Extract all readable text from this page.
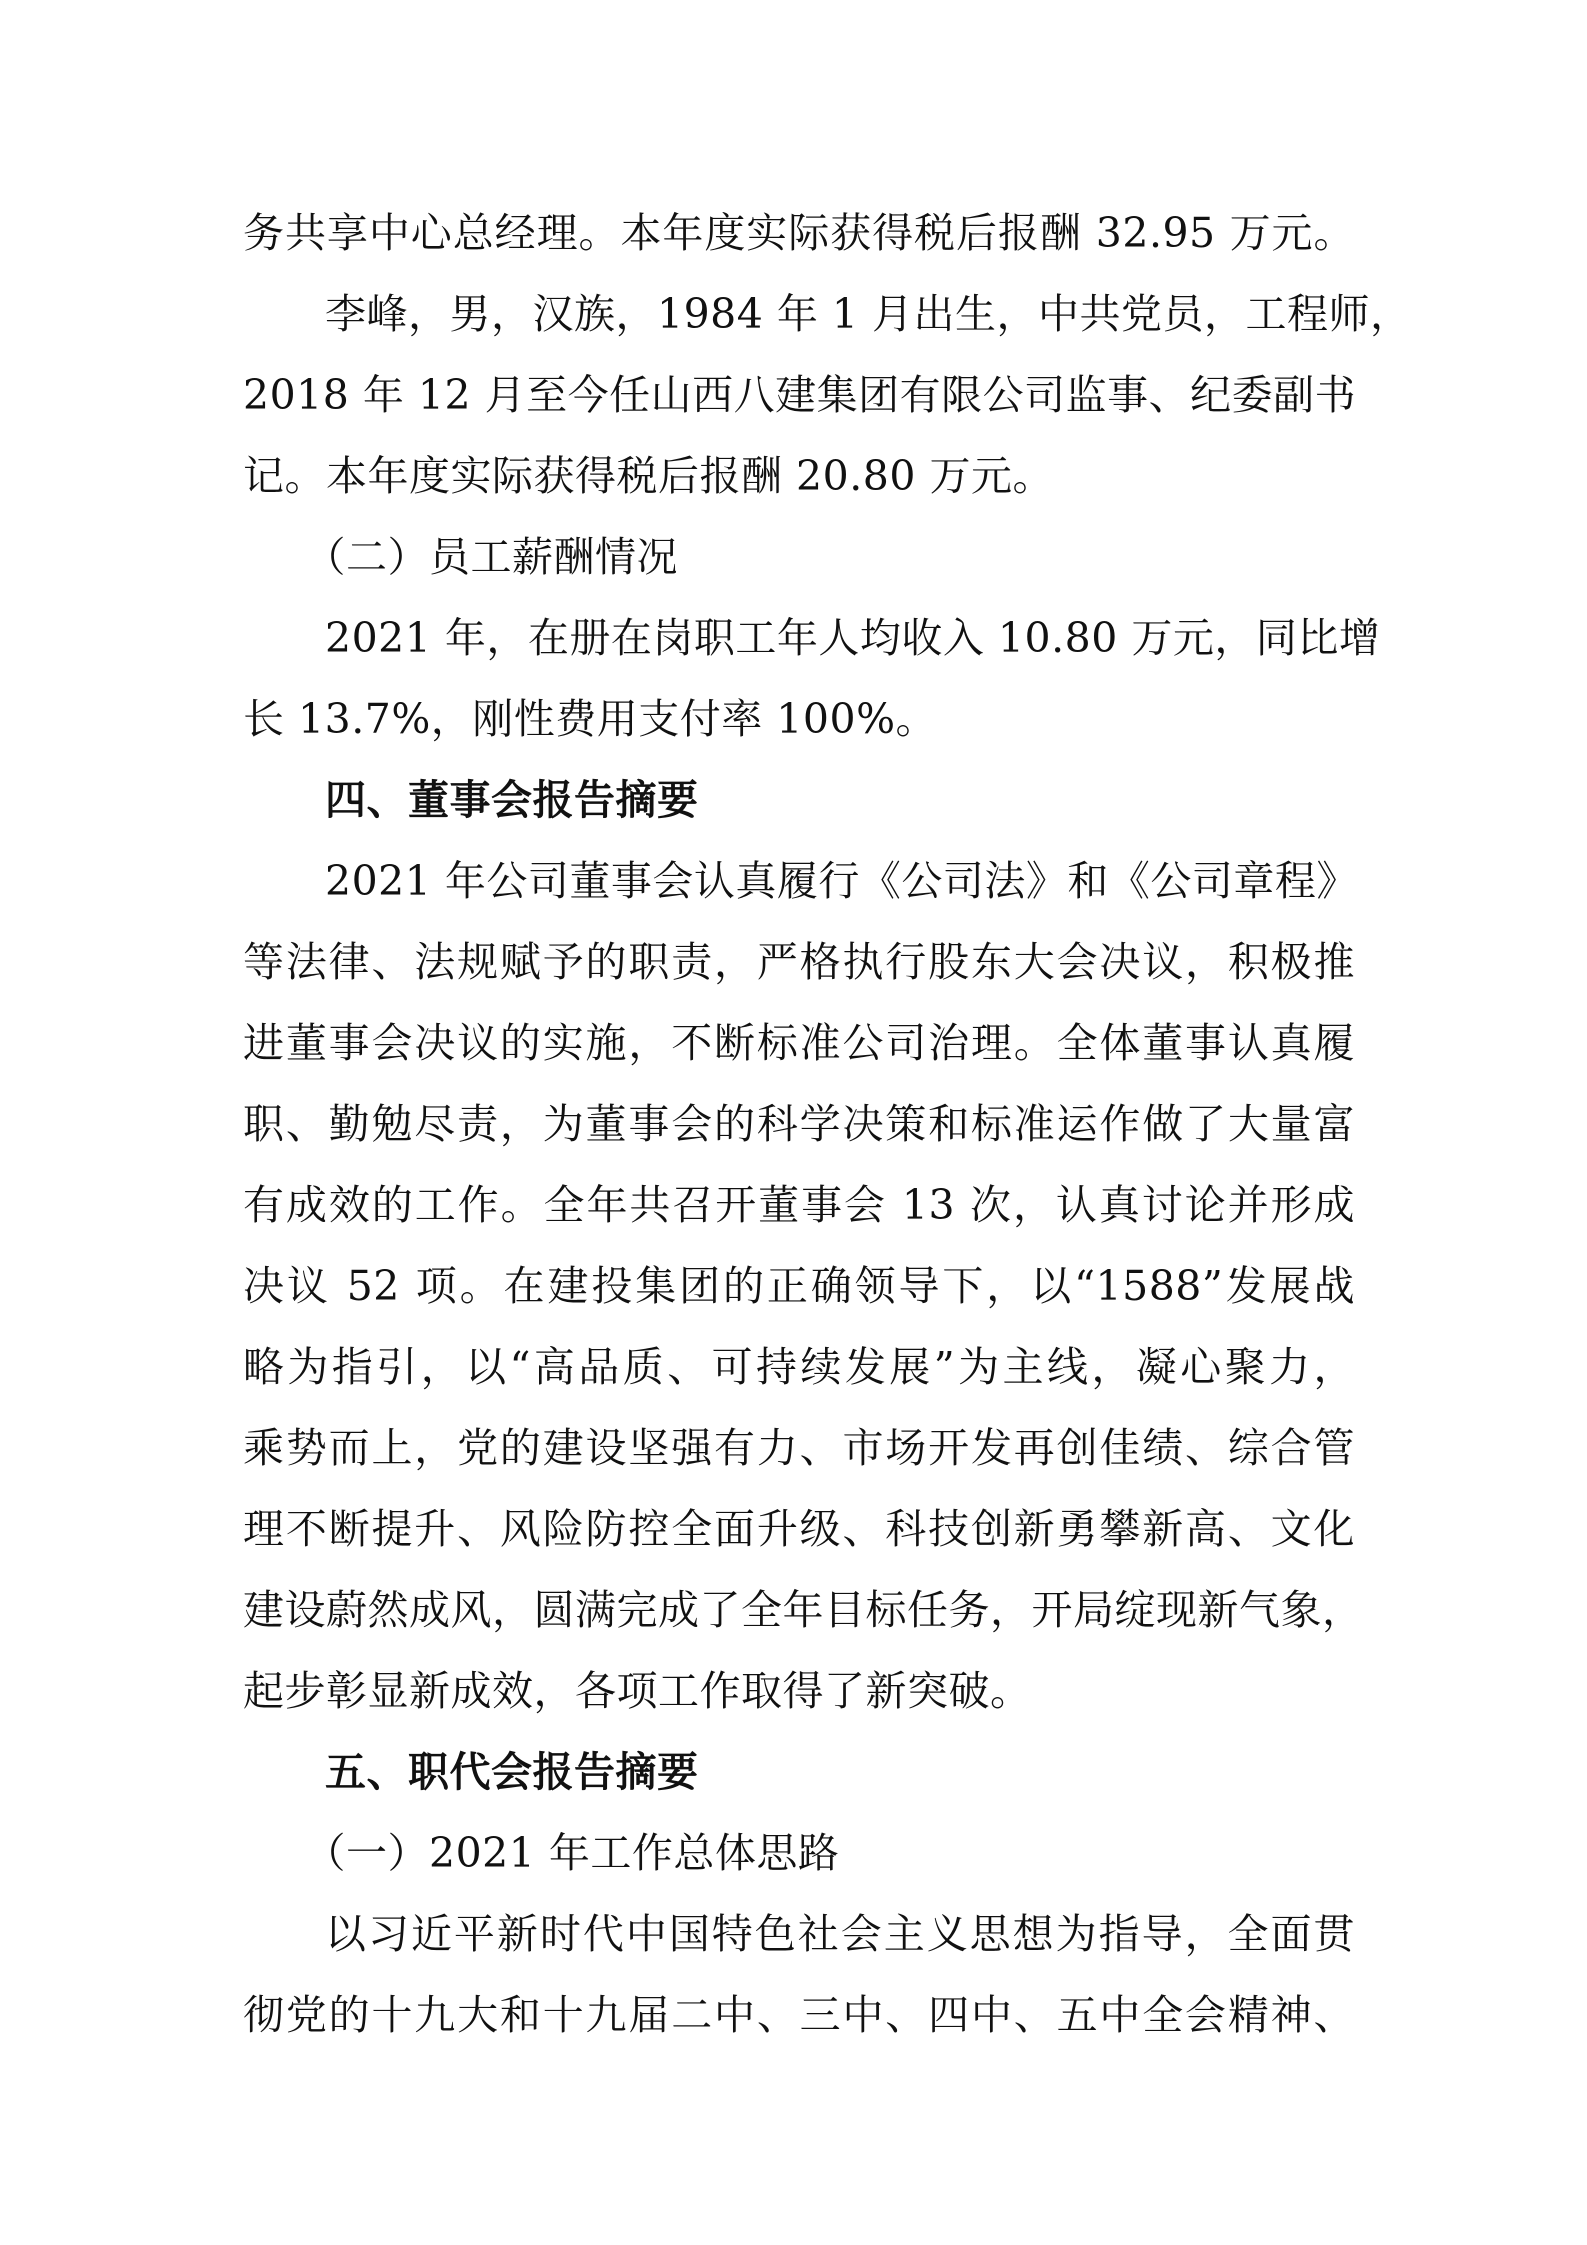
务共享中心总经理。本年度实际获得税后报酬 32.95 万元。
李峰，男，汉族，1984 年 1 月出生，中共党员，工程师，
2018 年 12 月至今任山西八建集团有限公司监事、纪委副书
记。本年度实际获得税后报酬 20.80 万元。
（二）员工薪酬情况
2021 年，在册在岗职工年人均收入 10.80 万元，同比增
长 13.7%，刚性费用支付率 100%。
四、董事会报告摘要
2021 年公司董事会认真履行《公司法》和《公司章程》
等法律、法规赋予的职责，严格执行股东大会决议，积极推
进董事会决议的实施，不断标准公司治理。全体董事认真履
职、勤勉尽责，为董事会的科学决策和标准运作做了大量富
有成效的工作。全年共召开董事会 13 次，认真讨论并形成
决议 52 项。在建投集团的正确领导下，以“1588”发展战
略为指引，以“高品质、可持续发展”为主线，凝心聚力，
乘势而上，党的建设坚强有力、市场开发再创佳绩、综合管
理不断提升、风险防控全面升级、科技创新勇攀新高、文化
建设蔚然成风，圆满完成了全年目标任务，开局绽现新气象，
起步彰显新成效，各项工作取得了新突破。
五、职代会报告摘要
（一）2021 年工作总体思路
以习近平新时代中国特色社会主义思想为指导，全面贯
彻党的十九大和十九届二中、三中、四中、五中全会精神、
